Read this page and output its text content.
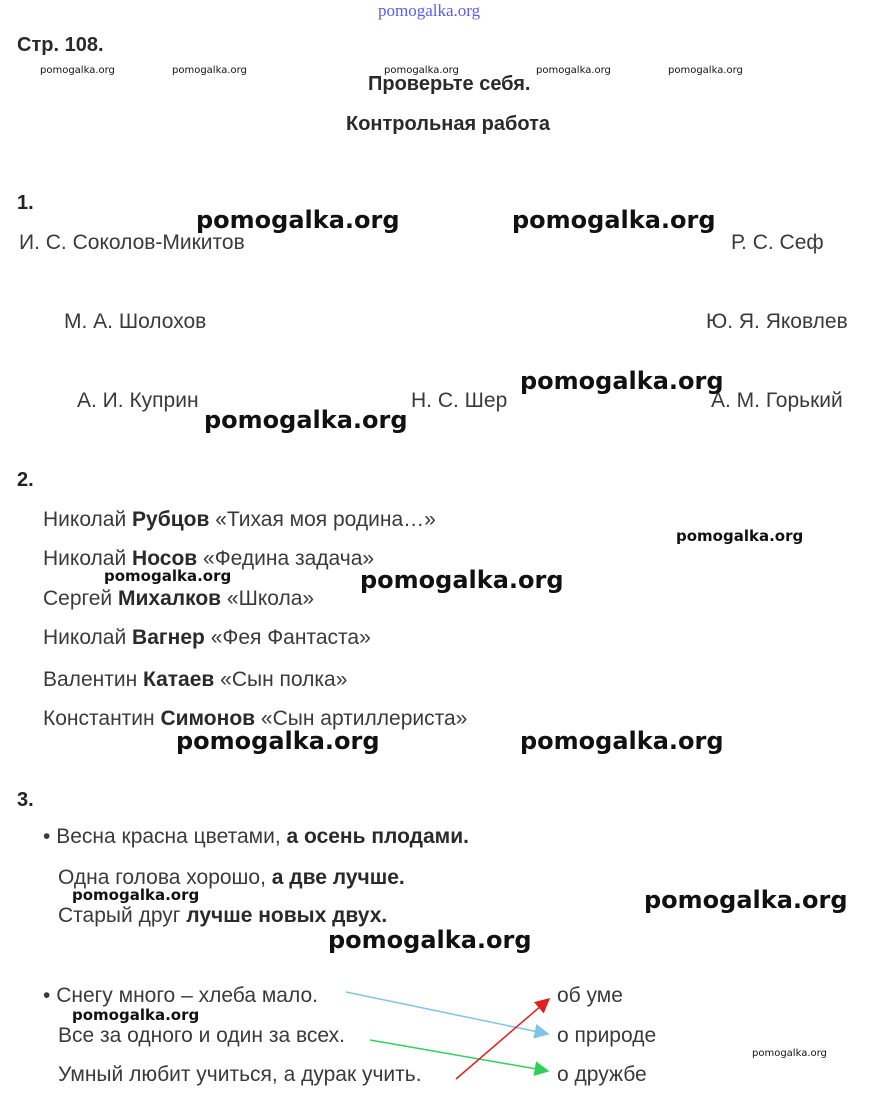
pomogalka.org
Стр. 108.
Проверьте себя.
Контрольная работа
pomogalka.org	pomogalka.org	pomogalka.org	pomogalka.org	pomogalka.org
1.
И. С. Соколов-Микитов	Р. С. Сеф
М. А. Шолохов	Ю. Я. Яковлев
А. И. Куприн	Н. С. Шер	А. М. Горький
pomogalka.org	pomogalka.org
pomogalka.org
pomogalka.org
2.
Николай Рубцов «Тихая моя родина…»
Николай Носов «Федина задача»
Сергей Михалков «Школа»
Николай Вагнер «Фея Фантаста»
Валентин Катаев «Сын полка»
Константин Симонов «Сын артиллериста»
pomogalka.org
pomogalka.org	pomogalka.org
pomogalka.org	pomogalka.org
3.
• Весна красна цветами, а осень плодами.
Одна голова хорошо, а две лучше.
Старый друг лучше новых двух.
pomogalka.org	pomogalka.org
pomogalka.org
• Снегу много – хлеба мало.
Все за одного и один за всех.
Умный любит учиться, а дурак учить.
об уме
о природе
о дружбе
pomogalka.org
pomogalka.org
